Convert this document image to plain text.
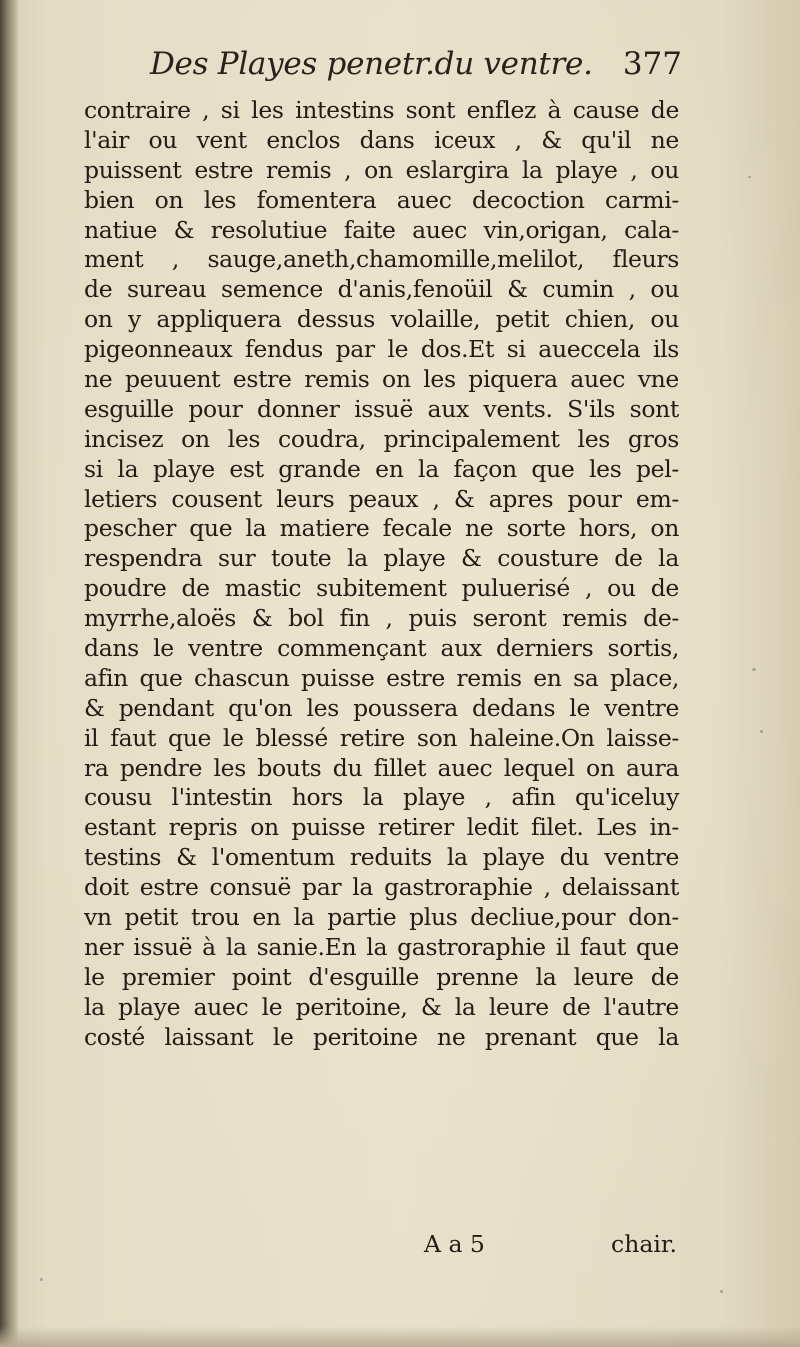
Des Playes penetr.du ventre. 377
contraire , si les intestins sont enflez à cause de
l'air ou vent enclos dans iceux , & qu'il ne
puissent estre remis , on eslargira la playe , ou
bien on les fomentera auec decoction carmi-
natiue & resolutiue faite auec vin,origan, cala-
ment , sauge,aneth,chamomille,melilot, fleurs
de sureau semence d'anis,fenoüil & cumin , ou
on y appliquera dessus volaille, petit chien, ou
pigeonneaux fendus par le dos.Et si aueccela ils
ne peuuent estre remis on les piquera auec vne
esguille pour donner issuë aux vents. S'ils sont
incisez on les coudra, principalement les gros
si la playe est grande en la façon que les pel-
letiers cousent leurs peaux , & apres pour em-
pescher que la matiere fecale ne sorte hors, on
respendra sur toute la playe & cousture de la
poudre de mastic subitement puluerisé , ou de
myrrhe,aloës & bol fin , puis seront remis de-
dans le ventre commençant aux derniers sortis,
afin que chascun puisse estre remis en sa place,
& pendant qu'on les poussera dedans le ventre
il faut que le blessé retire son haleine.On laisse-
ra pendre les bouts du fillet auec lequel on aura
cousu l'intestin hors la playe , afin qu'iceluy
estant repris on puisse retirer ledit filet. Les in-
testins & l'omentum reduits la playe du ventre
doit estre consuë par la gastroraphie , delaissant
vn petit trou en la partie plus decliue,pour don-
ner issuë à la sanie.En la gastroraphie il faut que
le premier point d'esguille prenne la leure de
la playe auec le peritoine, & la leure de l'autre
costé laissant le peritoine ne prenant que la
A a 5	chair.
